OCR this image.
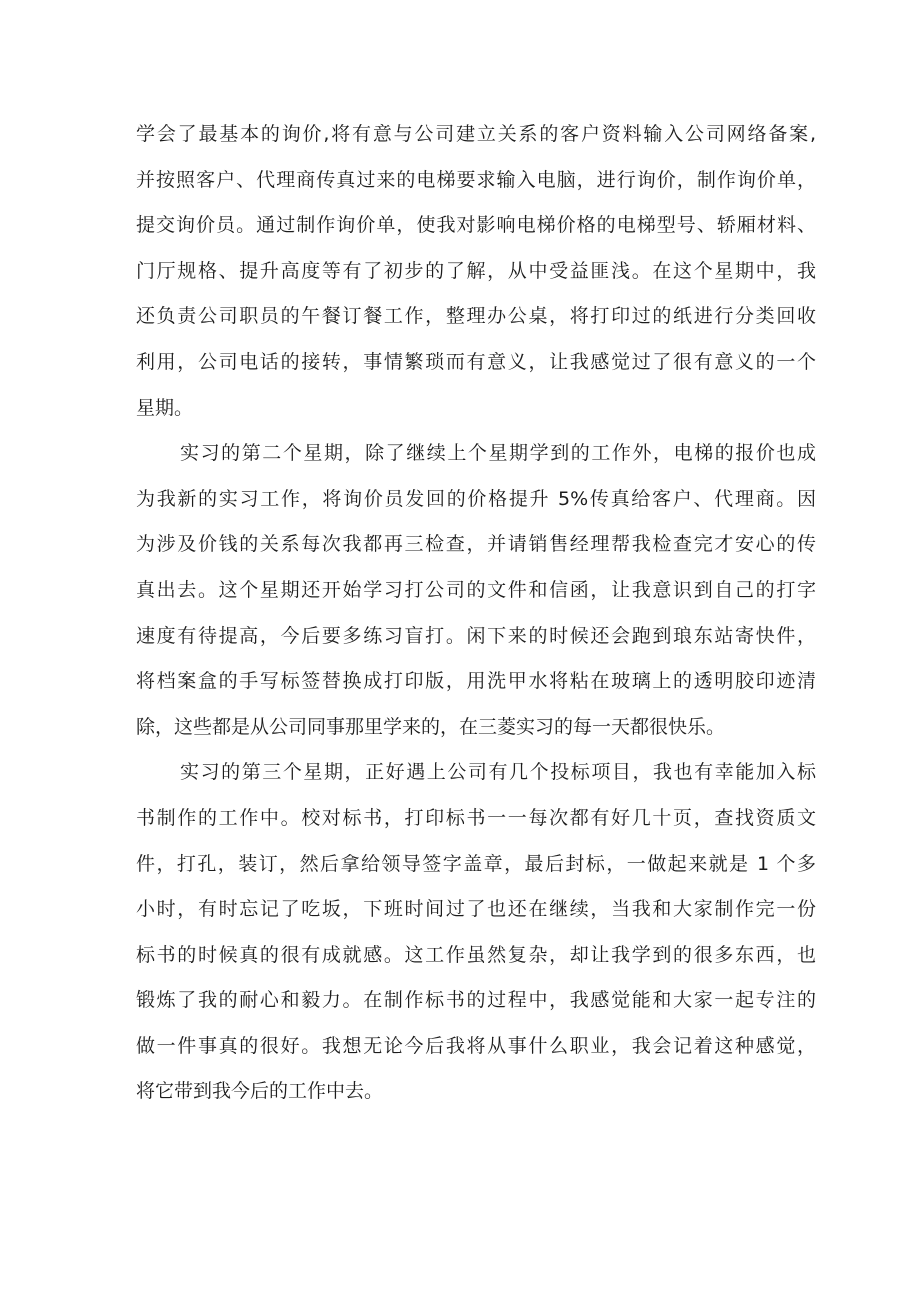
学会了最基本的询价,将有意与公司建立关系的客户资料输入公司网络备案,
并按照客户、代理商传真过来的电梯要求输入电脑，进行询价，制作询价单，
提交询价员。通过制作询价单，使我对影响电梯价格的电梯型号、轿厢材料、
门厅规格、提升高度等有了初步的了解，从中受益匪浅。在这个星期中，我
还负责公司职员的午餐订餐工作，整理办公桌，将打印过的纸进行分类回收
利用，公司电话的接转，事情繁琐而有意义，让我感觉过了很有意义的一个
星期。
实习的第二个星期，除了继续上个星期学到的工作外，电梯的报价也成
为我新的实习工作，将询价员发回的价格提升 5%传真给客户、代理商。因
为涉及价钱的关系每次我都再三检查，并请销售经理帮我检查完才安心的传
真出去。这个星期还开始学习打公司的文件和信函，让我意识到自己的打字
速度有待提高，今后要多练习盲打。闲下来的时候还会跑到琅东站寄快件，
将档案盒的手写标签替换成打印版，用洗甲水将粘在玻璃上的透明胶印迹清
除，这些都是从公司同事那里学来的，在三菱实习的每一天都很快乐。
实习的第三个星期，正好遇上公司有几个投标项目，我也有幸能加入标
书制作的工作中。校对标书，打印标书一一每次都有好几十页，查找资质文
件，打孔，装订，然后拿给领导签字盖章，最后封标，一做起来就是 1 个多
小时，有时忘记了吃坂，下班时间过了也还在继续，当我和大家制作完一份
标书的时候真的很有成就感。这工作虽然复杂，却让我学到的很多东西，也
锻炼了我的耐心和毅力。在制作标书的过程中，我感觉能和大家一起专注的
做一件事真的很好。我想无论今后我将从事什么职业，我会记着这种感觉，
将它带到我今后的工作中去。
